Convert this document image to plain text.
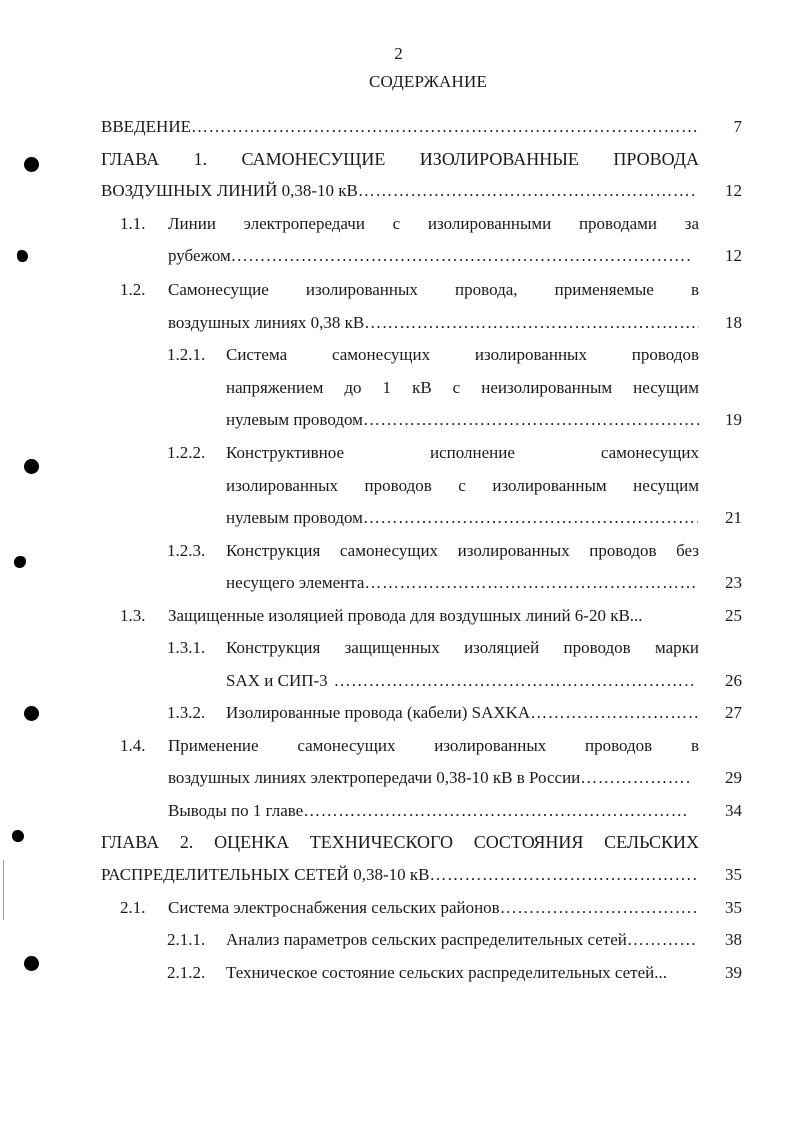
2
СОДЕРЖАНИЕ
ВВЕДЕНИЕ ……………………………………………………………………………………………………………………………	7
ГЛАВА 1. САМОНЕСУЩИЕ ИЗОЛИРОВАННЫЕ ПРОВОДА
ВОЗДУШНЫХ ЛИНИЙ 0,38-10 кВ ……………………………………………………………………………………………………………………………	12
1.1. Линии электропередачи с изолированными проводами за
рубежом ……………………………………………………………………………………………………………………………	12
1.2. Самонесущие изолированных провода, применяемые в
воздушных линиях 0,38 кВ ……………………………………………………………………………………………………………………………	18
1.2.1. Система самонесущих изолированных проводов
напряжением до 1 кВ с неизолированным несущим
нулевым проводом ……………………………………………………………………………………………………………………………	19
1.2.2. Конструктивное исполнение самонесущих
изолированных проводов с изолированным несущим
нулевым проводом ……………………………………………………………………………………………………………………………	21
1.2.3. Конструкция самонесущих изолированных проводов без
несущего элемента ……………………………………………………………………………………………………………………………	23
1.3. Защищенные изоляцией провода для воздушных линий 6-20 кВ...	25
1.3.1. Конструкция защищенных изоляцией проводов марки
SAX и СИП-3 ……………………………………………………………………………………………………………………………	26
1.3.2. Изолированные провода (кабели) SAXKA ……………………………………………………………………………………………………………………………	27
1.4. Применение самонесущих изолированных проводов в
воздушных линиях электропередачи 0,38-10 кВ в России ……………………………………………………………………………………………………………………………	29
Выводы по 1 главе ……………………………………………………………………………………………………………………………	34
ГЛАВА 2. ОЦЕНКА ТЕХНИЧЕСКОГО СОСТОЯНИЯ СЕЛЬСКИХ
РАСПРЕДЕЛИТЕЛЬНЫХ СЕТЕЙ 0,38-10 кВ ……………………………………………………………………………………………………………………………	35
2.1. Система электроснабжения сельских районов ……………………………………………………………………………………………………………………………	35
2.1.1. Анализ параметров сельских распределительных сетей ……………………………………………………………………………………………………………………………	38
2.1.2. Техническое состояние сельских распределительных сетей...	39
